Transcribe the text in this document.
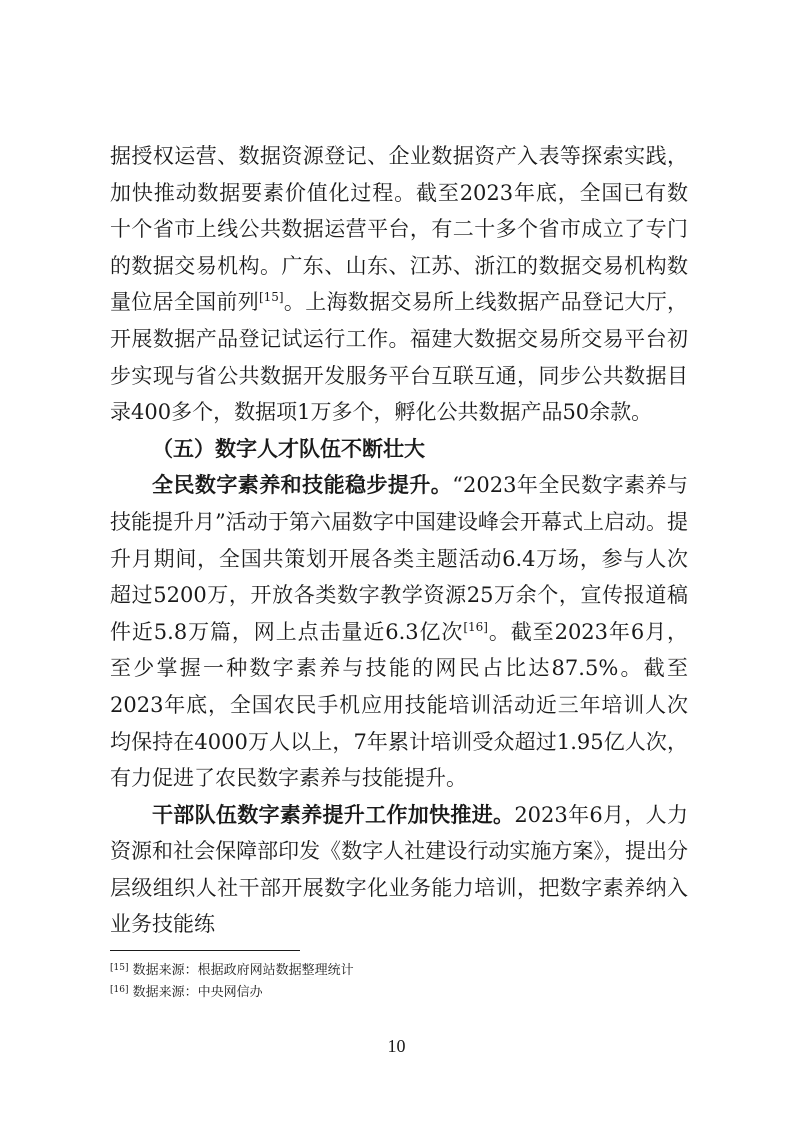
据授权运营、数据资源登记、企业数据资产入表等探索实践，加快推动数据要素价值化过程。截至2023年底，全国已有数十个省市上线公共数据运营平台，有二十多个省市成立了专门的数据交易机构。广东、山东、江苏、浙江的数据交易机构数量位居全国前列[15]。上海数据交易所上线数据产品登记大厅，开展数据产品登记试运行工作。福建大数据交易所交易平台初步实现与省公共数据开发服务平台互联互通，同步公共数据目录400多个，数据项1万多个，孵化公共数据产品50余款。

（五）数字人才队伍不断壮大

全民数字素养和技能稳步提升。“2023年全民数字素养与技能提升月”活动于第六届数字中国建设峰会开幕式上启动。提升月期间，全国共策划开展各类主题活动6.4万场，参与人次超过5200万，开放各类数字教学资源25万余个，宣传报道稿件近5.8万篇，网上点击量近6.3亿次[16]。截至2023年6月，至少掌握一种数字素养与技能的网民占比达87.5%。截至2023年底，全国农民手机应用技能培训活动近三年培训人次均保持在4000万人以上，7年累计培训受众超过1.95亿人次，有力促进了农民数字素养与技能提升。

干部队伍数字素养提升工作加快推进。2023年6月，人力资源和社会保障部印发《数字人社建设行动实施方案》，提出分层级组织人社干部开展数字化业务能力培训，把数字素养纳入业务技能练

[15] 数据来源：根据政府网站数据整理统计
[16] 数据来源：中央网信办
10
